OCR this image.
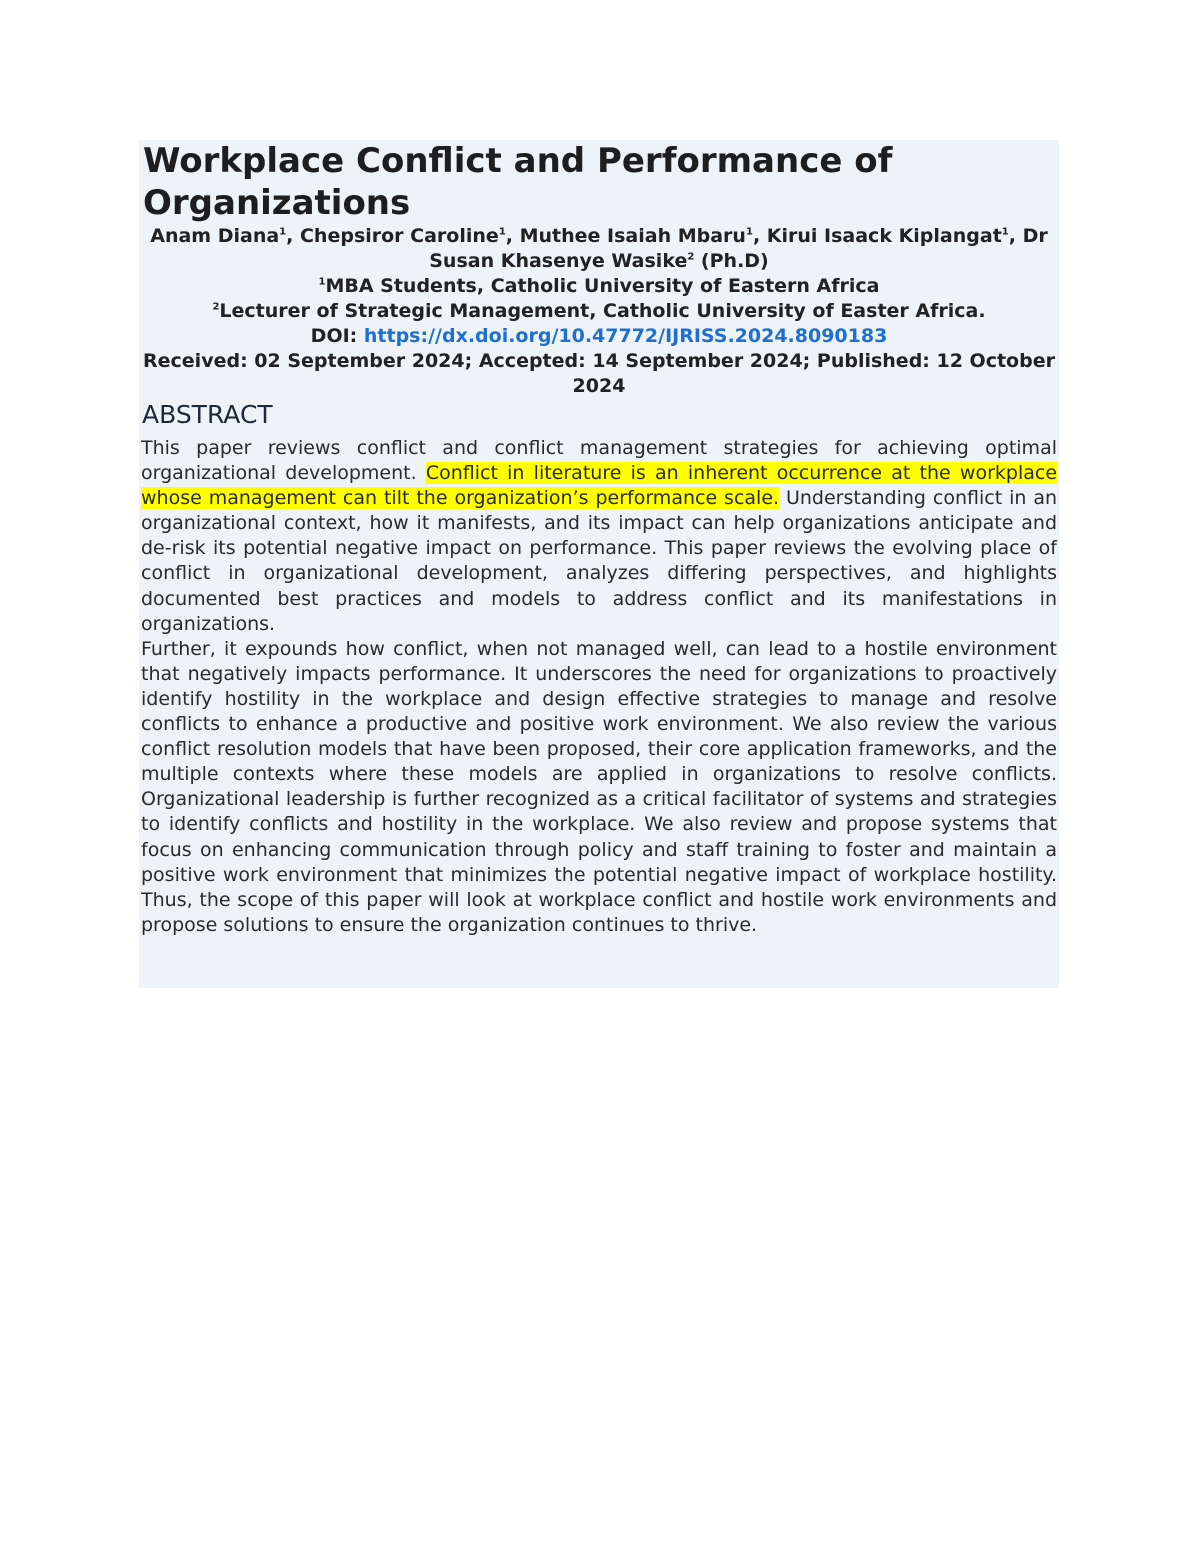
Workplace Conflict and Performance of Organizations
Anam Diana$^1$, Chepsiror Caroline$^1$, Muthee Isaiah Mbaru$^1$, Kirui Isaack Kiplangat$^1$, Dr Susan Khasenye Wasike$^2$ (Ph.D)
$^1$MBA Students, Catholic University of Eastern Africa
$^2$Lecturer of Strategic Management, Catholic University of Easter Africa.
DOI: https://dx.doi.org/10.47772/IJRISS.2024.8090183
Received: 02 September 2024; Accepted: 14 September 2024; Published: 12 October 2024
ABSTRACT

This paper reviews conflict and conflict management strategies for achieving optimal organizational development. Conflict in literature is an inherent occurrence at the workplace whose management can tilt the organization’s performance scale. Understanding conflict in an organizational context, how it manifests, and its impact can help organizations anticipate and de-risk its potential negative impact on performance. This paper reviews the evolving place of conflict in organizational development, analyzes differing perspectives, and highlights documented best practices and models to address conflict and its manifestations in organizations.

Further, it expounds how conflict, when not managed well, can lead to a hostile environment that negatively impacts performance. It underscores the need for organizations to proactively identify hostility in the workplace and design effective strategies to manage and resolve conflicts to enhance a productive and positive work environment. We also review the various conflict resolution models that have been proposed, their core application frameworks, and the multiple contexts where these models are applied in organizations to resolve conflicts. Organizational leadership is further recognized as a critical facilitator of systems and strategies to identify conflicts and hostility in the workplace. We also review and propose systems that focus on enhancing communication through policy and staff training to foster and maintain a positive work environment that minimizes the potential negative impact of workplace hostility. Thus, the scope of this paper will look at workplace conflict and hostile work environments and propose solutions to ensure the organization continues to thrive.
